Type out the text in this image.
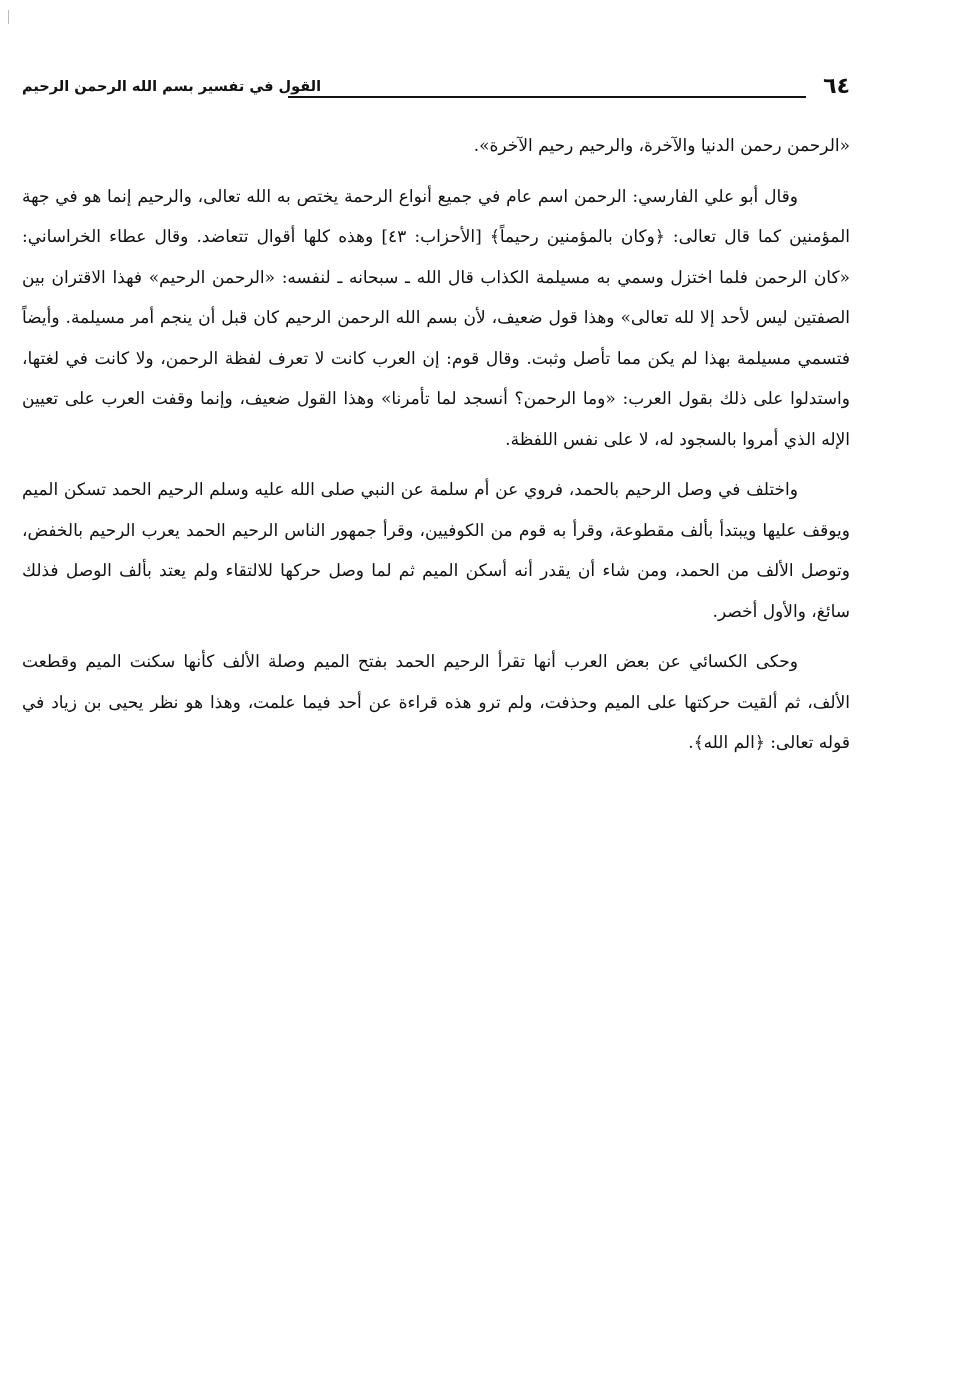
٦٤
القول في تفسير بسم الله الرحمن الرحيم

«الرحمن رحمن الدنيا والآخرة، والرحيم رحيم الآخرة».

وقال أبو علي الفارسي: الرحمن اسم عام في جميع أنواع الرحمة يختص به الله تعالى، والرحيم إنما هو في جهة المؤمنين كما قال تعالى: ﴿وكان بالمؤمنين رحيماً﴾ [الأحزاب: ٤٣] وهذه كلها أقوال تتعاضد. وقال عطاء الخراساني: «كان الرحمن فلما اختزل وسمي به مسيلمة الكذاب قال الله ـ سبحانه ـ لنفسه: «الرحمن الرحيم» فهذا الاقتران بين الصفتين ليس لأحد إلا لله تعالى» وهذا قول ضعيف، لأن بسم الله الرحمن الرحيم كان قبل أن ينجم أمر مسيلمة. وأيضاً فتسمي مسيلمة بهذا لم يكن مما تأصل وثبت. وقال قوم: إن العرب كانت لا تعرف لفظة الرحمن، ولا كانت في لغتها، واستدلوا على ذلك بقول العرب: «وما الرحمن؟ أنسجد لما تأمرنا» وهذا القول ضعيف، وإنما وقفت العرب على تعيين الإله الذي أمروا بالسجود له، لا على نفس اللفظة.

واختلف في وصل الرحيم بالحمد، فروي عن أم سلمة عن النبي صلى الله عليه وسلم الرحيم الحمد تسكن الميم ويوقف عليها ويبتدأ بألف مقطوعة، وقرأ به قوم من الكوفيين، وقرأ جمهور الناس الرحيم الحمد يعرب الرحيم بالخفض، وتوصل الألف من الحمد، ومن شاء أن يقدر أنه أسكن الميم ثم لما وصل حركها للالتقاء ولم يعتد بألف الوصل فذلك سائغ، والأول أخصر.

وحكى الكسائي عن بعض العرب أنها تقرأ الرحيم الحمد بفتح الميم وصلة الألف كأنها سكنت الميم وقطعت الألف، ثم ألقيت حركتها على الميم وحذفت، ولم ترو هذه قراءة عن أحد فيما علمت، وهذا هو نظر يحيى بن زياد في قوله تعالى: ﴿الم الله﴾.
